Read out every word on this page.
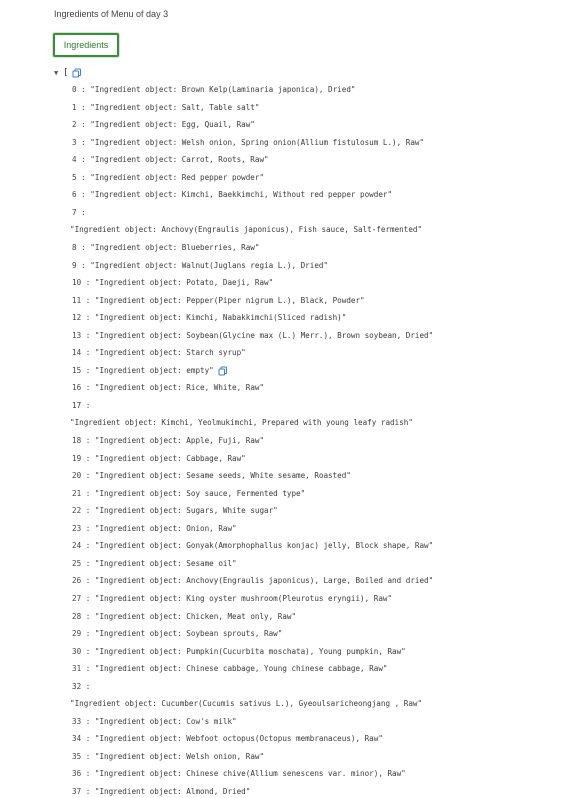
Ingredients of Menu of day 3
Ingredients
▼ [
0 : "Ingredient object: Brown Kelp(Laminaria japonica), Dried"
1 : "Ingredient object: Salt, Table salt"
2 : "Ingredient object: Egg, Quail, Raw"
3 : "Ingredient object: Welsh onion, Spring onion(Allium fistulosum L.), Raw"
4 : "Ingredient object: Carrot, Roots, Raw"
5 : "Ingredient object: Red pepper powder"
6 : "Ingredient object: Kimchi, Baekkimchi, Without red pepper powder"
7 :
"Ingredient object: Anchovy(Engraulis japonicus), Fish sauce, Salt-fermented"
8 : "Ingredient object: Blueberries, Raw"
9 : "Ingredient object: Walnut(Juglans regia L.), Dried"
10 : "Ingredient object: Potato, Daeji, Raw"
11 : "Ingredient object: Pepper(Piper nigrum L.), Black, Powder"
12 : "Ingredient object: Kimchi, Nabakkimchi(Sliced radish)"
13 : "Ingredient object: Soybean(Glycine max (L.) Merr.), Brown soybean, Dried"
14 : "Ingredient object: Starch syrup"
15 : "Ingredient object: empty"
16 : "Ingredient object: Rice, White, Raw"
17 :
"Ingredient object: Kimchi, Yeolmukimchi, Prepared with young leafy radish"
18 : "Ingredient object: Apple, Fuji, Raw"
19 : "Ingredient object: Cabbage, Raw"
20 : "Ingredient object: Sesame seeds, White sesame, Roasted"
21 : "Ingredient object: Soy sauce, Fermented type"
22 : "Ingredient object: Sugars, White sugar"
23 : "Ingredient object: Onion, Raw"
24 : "Ingredient object: Gonyak(Amorphophallus konjac) jelly, Block shape, Raw"
25 : "Ingredient object: Sesame oil"
26 : "Ingredient object: Anchovy(Engraulis japonicus), Large, Boiled and dried"
27 : "Ingredient object: King oyster mushroom(Pleurotus eryngii), Raw"
28 : "Ingredient object: Chicken, Meat only, Raw"
29 : "Ingredient object: Soybean sprouts, Raw"
30 : "Ingredient object: Pumpkin(Cucurbita moschata), Young pumpkin, Raw"
31 : "Ingredient object: Chinese cabbage, Young chinese cabbage, Raw"
32 :
"Ingredient object: Cucumber(Cucumis sativus L.), Gyeoulsaricheongjang , Raw"
33 : "Ingredient object: Cow's milk"
34 : "Ingredient object: Webfoot octopus(Octopus membranaceus), Raw"
35 : "Ingredient object: Welsh onion, Raw"
36 : "Ingredient object: Chinese chive(Allium senescens var. minor), Raw"
37 : "Ingredient object: Almond, Dried"
